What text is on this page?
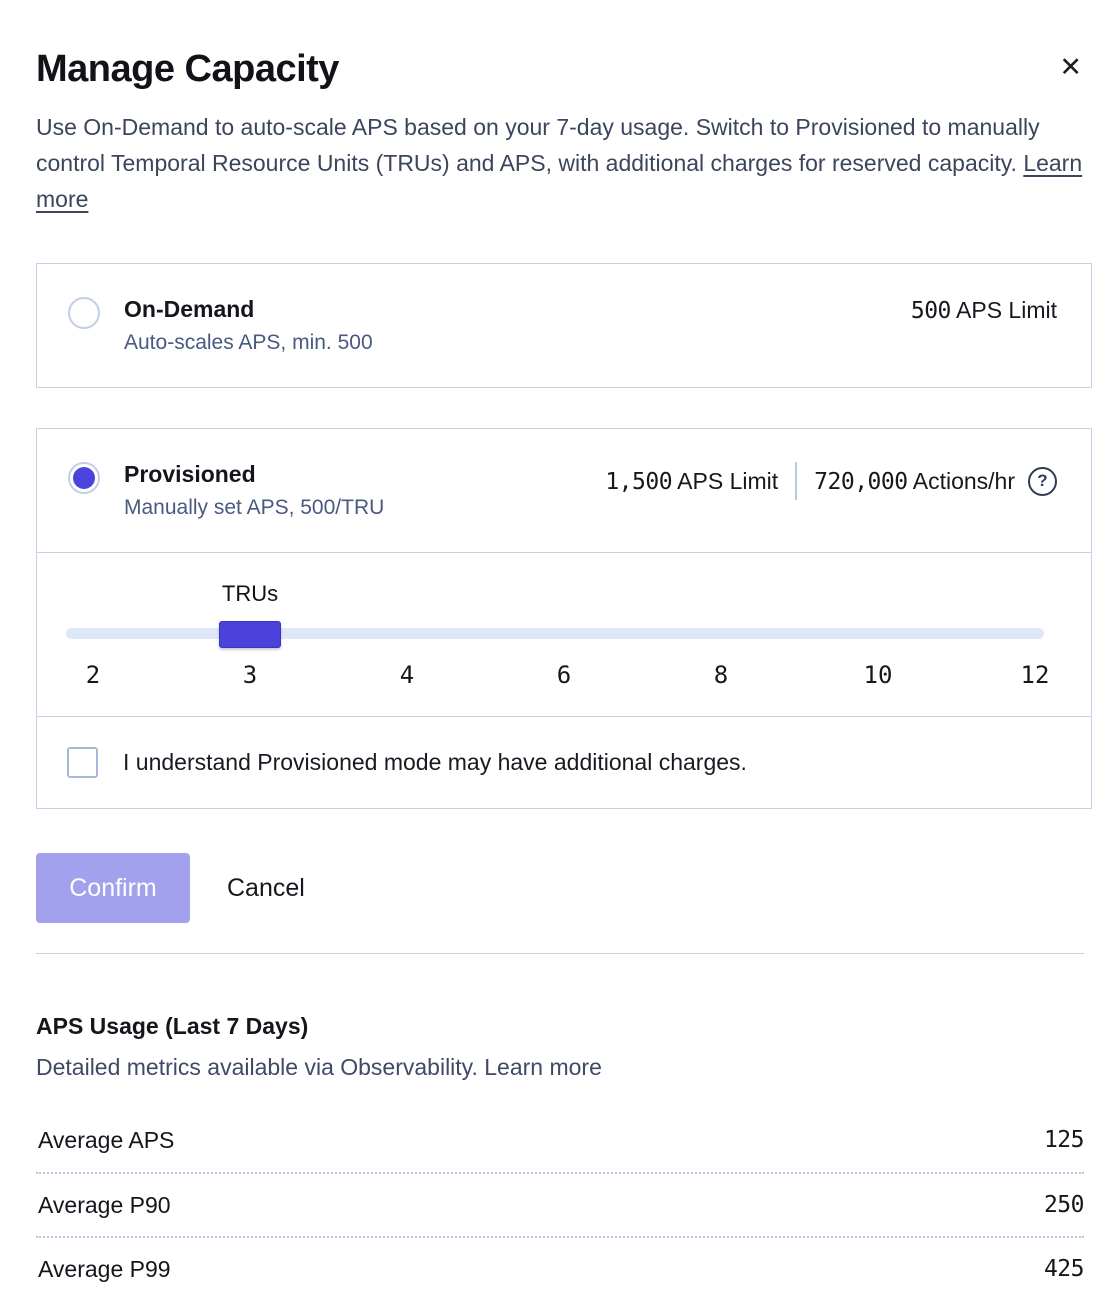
Manage Capacity	✕

Use On-Demand to auto-scale APS based on your 7-day usage. Switch to Provisioned to manually control Temporal Resource Units (TRUs) and APS, with additional charges for reserved capacity. Learn more

On-Demand
Auto-scales APS, min. 500
500 APS Limit
Provisioned
Manually set APS, 500/TRU
1,500 APS Limit 720,000 Actions/hr	?
TRUs
2	3	4	6	8	10	12
I understand Provisioned mode may have additional charges.
Confirm	Cancel
APS Usage (Last 7 Days)
Detailed metrics available via Observability. Learn more
Average APS	125
Average P90	250
Average P99	425
